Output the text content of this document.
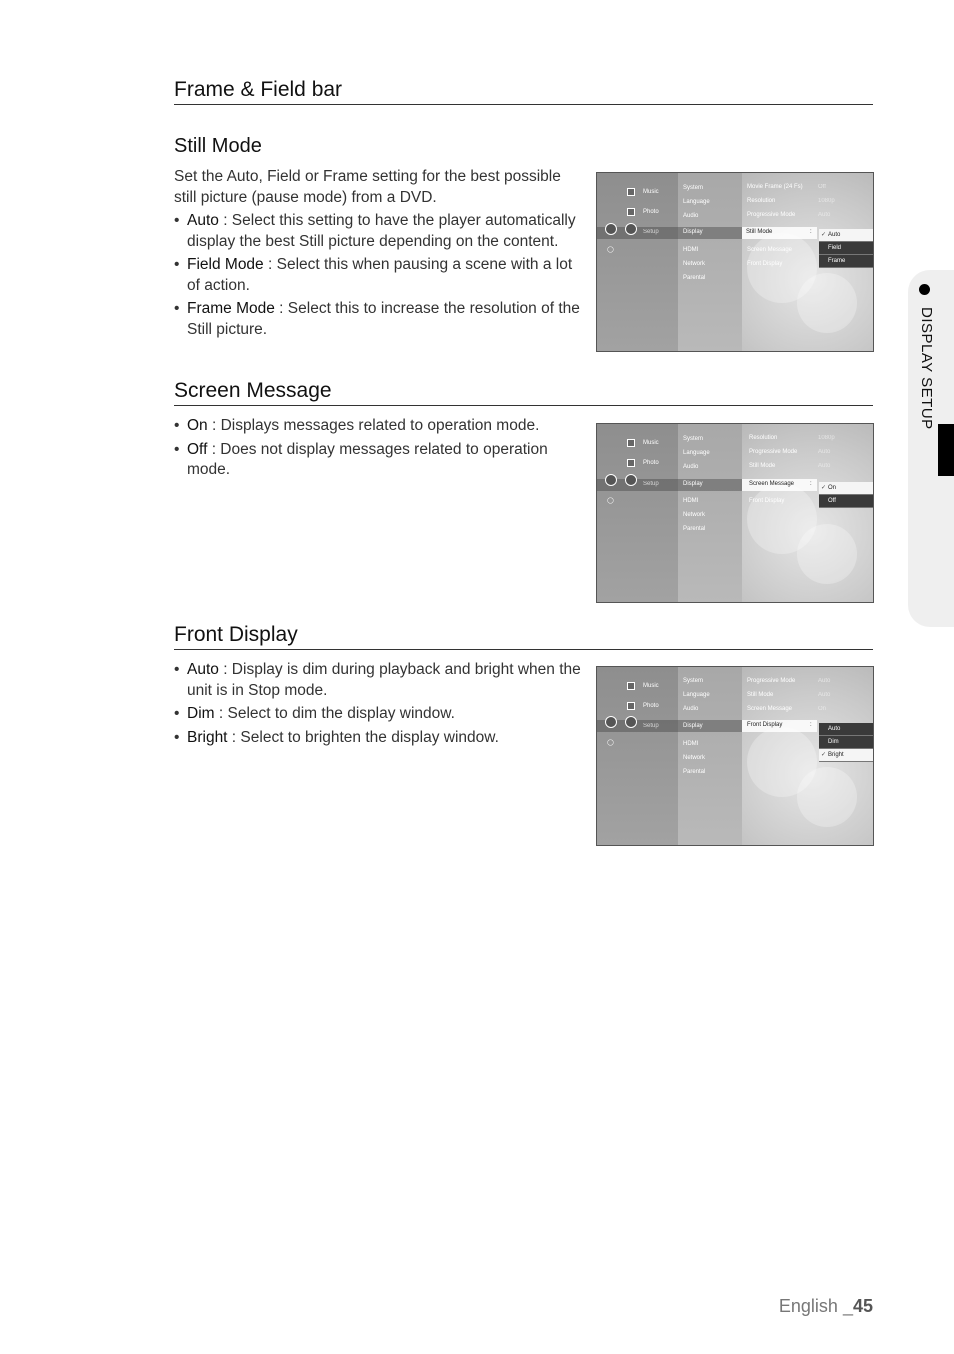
Frame & Field bar
Still Mode
Set the Auto, Field or Frame setting for the best possible still picture (pause mode) from a DVD.
• Auto : Select this setting to have the player automatically display the best Still picture depending on the content.
• Field Mode : Select this when pausing a scene with a lot of action.
• Frame Mode : Select this to increase the resolution of the Still picture.
Still Mode	:
Music
Photo
Setup
◯
System
Language
Audio
Display
HDMI
Network
Parental
Movie Frame (24 Fs)	Off
Resolution	1080p
Progressive Mode	Auto
Screen Message
Front Display
✓ Auto
Field
Frame
Screen Message
• On : Displays messages related to operation mode.
• Off : Does not display messages related to operation mode.
Screen Message	:
Music
Photo
Setup
◯
System
Language
Audio
Display
HDMI
Network
Parental
Resolution	1080p
Progressive Mode	Auto
Still Mode	Auto
Front Display
✓ On
Off
Front Display
• Auto : Display is dim during playback and bright when the unit is in Stop mode.
• Dim : Select to dim the display window.
• Bright : Select to brighten the display window.
Front Display	:
Music
Photo
Setup
◯
System
Language
Audio
Display
HDMI
Network
Parental
Progressive Mode	Auto
Still Mode	Auto
Screen Message	On
Auto
Dim
✓ Bright
DISPLAY SETUP
English _45
